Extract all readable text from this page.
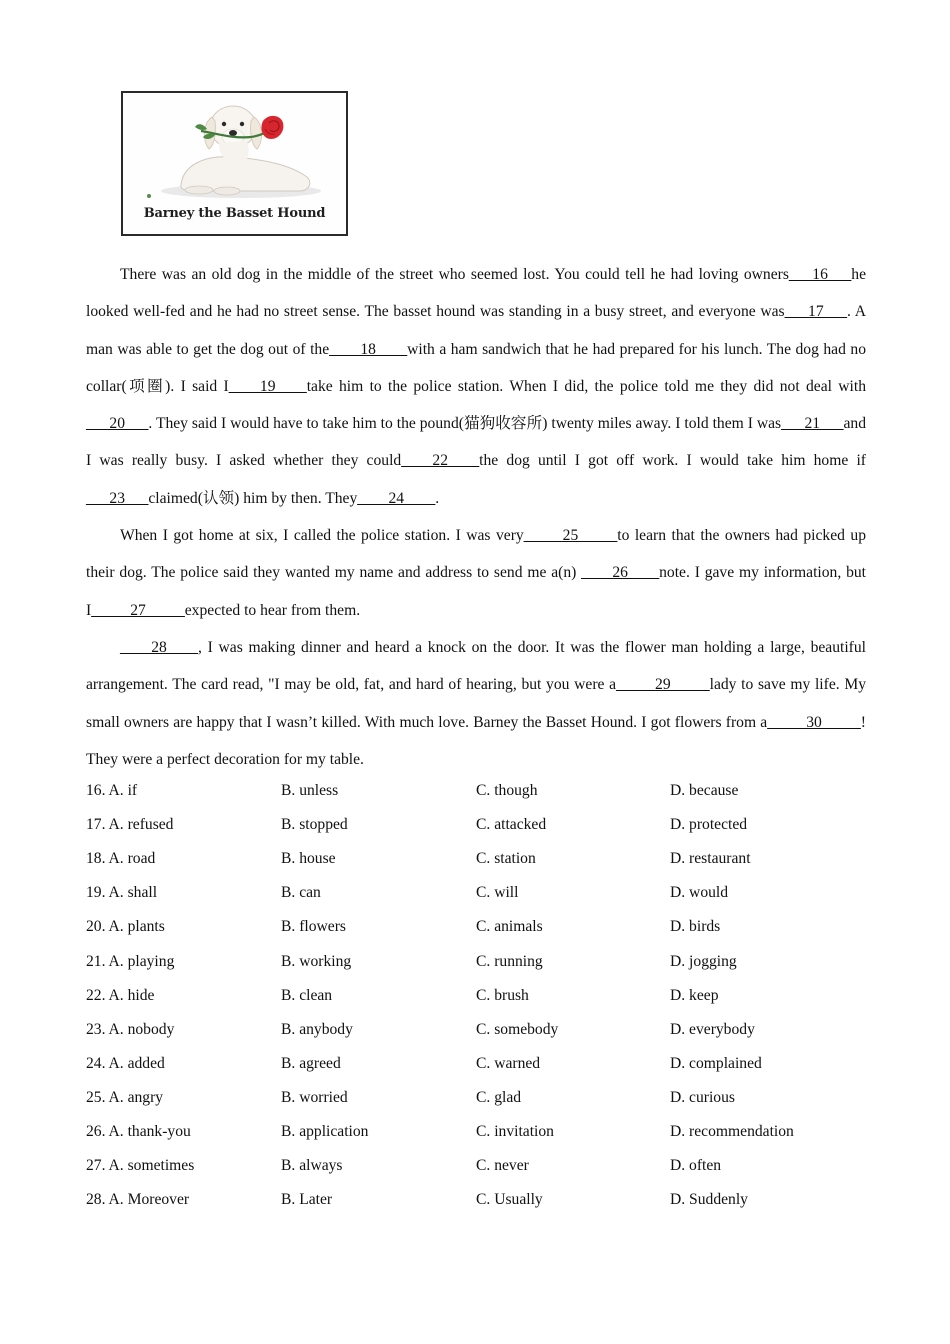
Barney the Basset Hound

There was an old dog in the middle of the street who seemed lost. You could tell he had loving owners___16___he looked well-fed and he had no street sense. The basset hound was standing in a busy street, and everyone was___17___. A man was able to get the dog out of the____18____with a ham sandwich that he had prepared for his lunch. The dog had no collar(项圈). I said I____19____take him to the police station. When I did, the police told me they did not deal with ___20___. They said I would have to take him to the pound(猫狗收容所) twenty miles away. I told them I was___21___and I was really busy. I asked whether they could____22____the dog until I got off work. I would take him home if ___23___claimed(认领) him by then. They____24____.

When I got home at six, I called the police station. I was very_____25_____to learn that the owners had picked up their dog. The police said they wanted my name and address to send me a(n) ____26____note. I gave my information, but I_____27_____expected to hear from them.

____28____, I was making dinner and heard a knock on the door. It was the flower man holding a large, beautiful arrangement. The card read, "I may be old, fat, and hard of hearing, but you were a_____29_____lady to save my life. My small owners are happy that I wasn’t killed. With much love. Barney the Basset Hound. I got flowers from a_____30_____! They were a perfect decoration for my table.

16. A. if	B. unless	C. though	D. because
17. A. refused	B. stopped	C. attacked	D. protected
18. A. road	B. house	C. station	D. restaurant
19. A. shall	B. can	C. will	D. would
20. A. plants	B. flowers	C. animals	D. birds
21. A. playing	B. working	C. running	D. jogging
22. A. hide	B. clean	C. brush	D. keep
23. A. nobody	B. anybody	C. somebody	D. everybody
24. A. added	B. agreed	C. warned	D. complained
25. A. angry	B. worried	C. glad	D. curious
26. A. thank-you	B. application	C. invitation	D. recommendation
27. A. sometimes	B. always	C. never	D. often
28. A. Moreover	B. Later	C. Usually	D. Suddenly
